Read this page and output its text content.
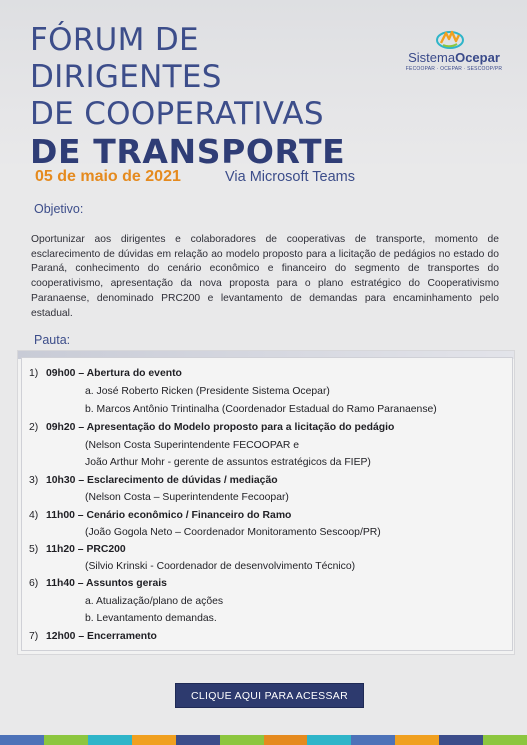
FÓRUM DE DIRIGENTES
DE COOPERATIVAS
DE TRANSPORTE
SistemaOcepar
FECOOPAR · OCEPAR · SESCOOP/PR
05 de maio de 2021	Via Microsoft Teams
Objetivo:
Oportunizar aos dirigentes e colaboradores de cooperativas de transporte, momento de esclarecimento de dúvidas em relação ao modelo proposto para a licitação de pedágios no estado do Paraná, conhecimento do cenário econômico e financeiro do segmento de transportes do cooperativismo, apresentação da nova proposta para o plano estratégico do Cooperativismo Paranaense, denominado PRC200 e levantamento de demandas para encaminhamento pelo estadual.
Pauta:
1) 09h00 – Abertura do evento
a. José Roberto Ricken (Presidente Sistema Ocepar)
b. Marcos Antônio Trintinalha (Coordenador Estadual do Ramo Paranaense)
2) 09h20 – Apresentação do Modelo proposto para a licitação do pedágio
(Nelson Costa Superintendente FECOOPAR e
João Arthur Mohr - gerente de assuntos estratégicos da FIEP)
3) 10h30 – Esclarecimento de dúvidas / mediação
(Nelson Costa – Superintendente Fecoopar)
4) 11h00 – Cenário econômico / Financeiro do Ramo
(João Gogola Neto – Coordenador Monitoramento Sescoop/PR)
5) 11h20 – PRC200
(Silvio Krinski - Coordenador de desenvolvimento Técnico)
6) 11h40 – Assuntos gerais
a. Atualização/plano de ações
b. Levantamento demandas.
7) 12h00 – Encerramento
CLIQUE AQUI PARA ACESSAR
